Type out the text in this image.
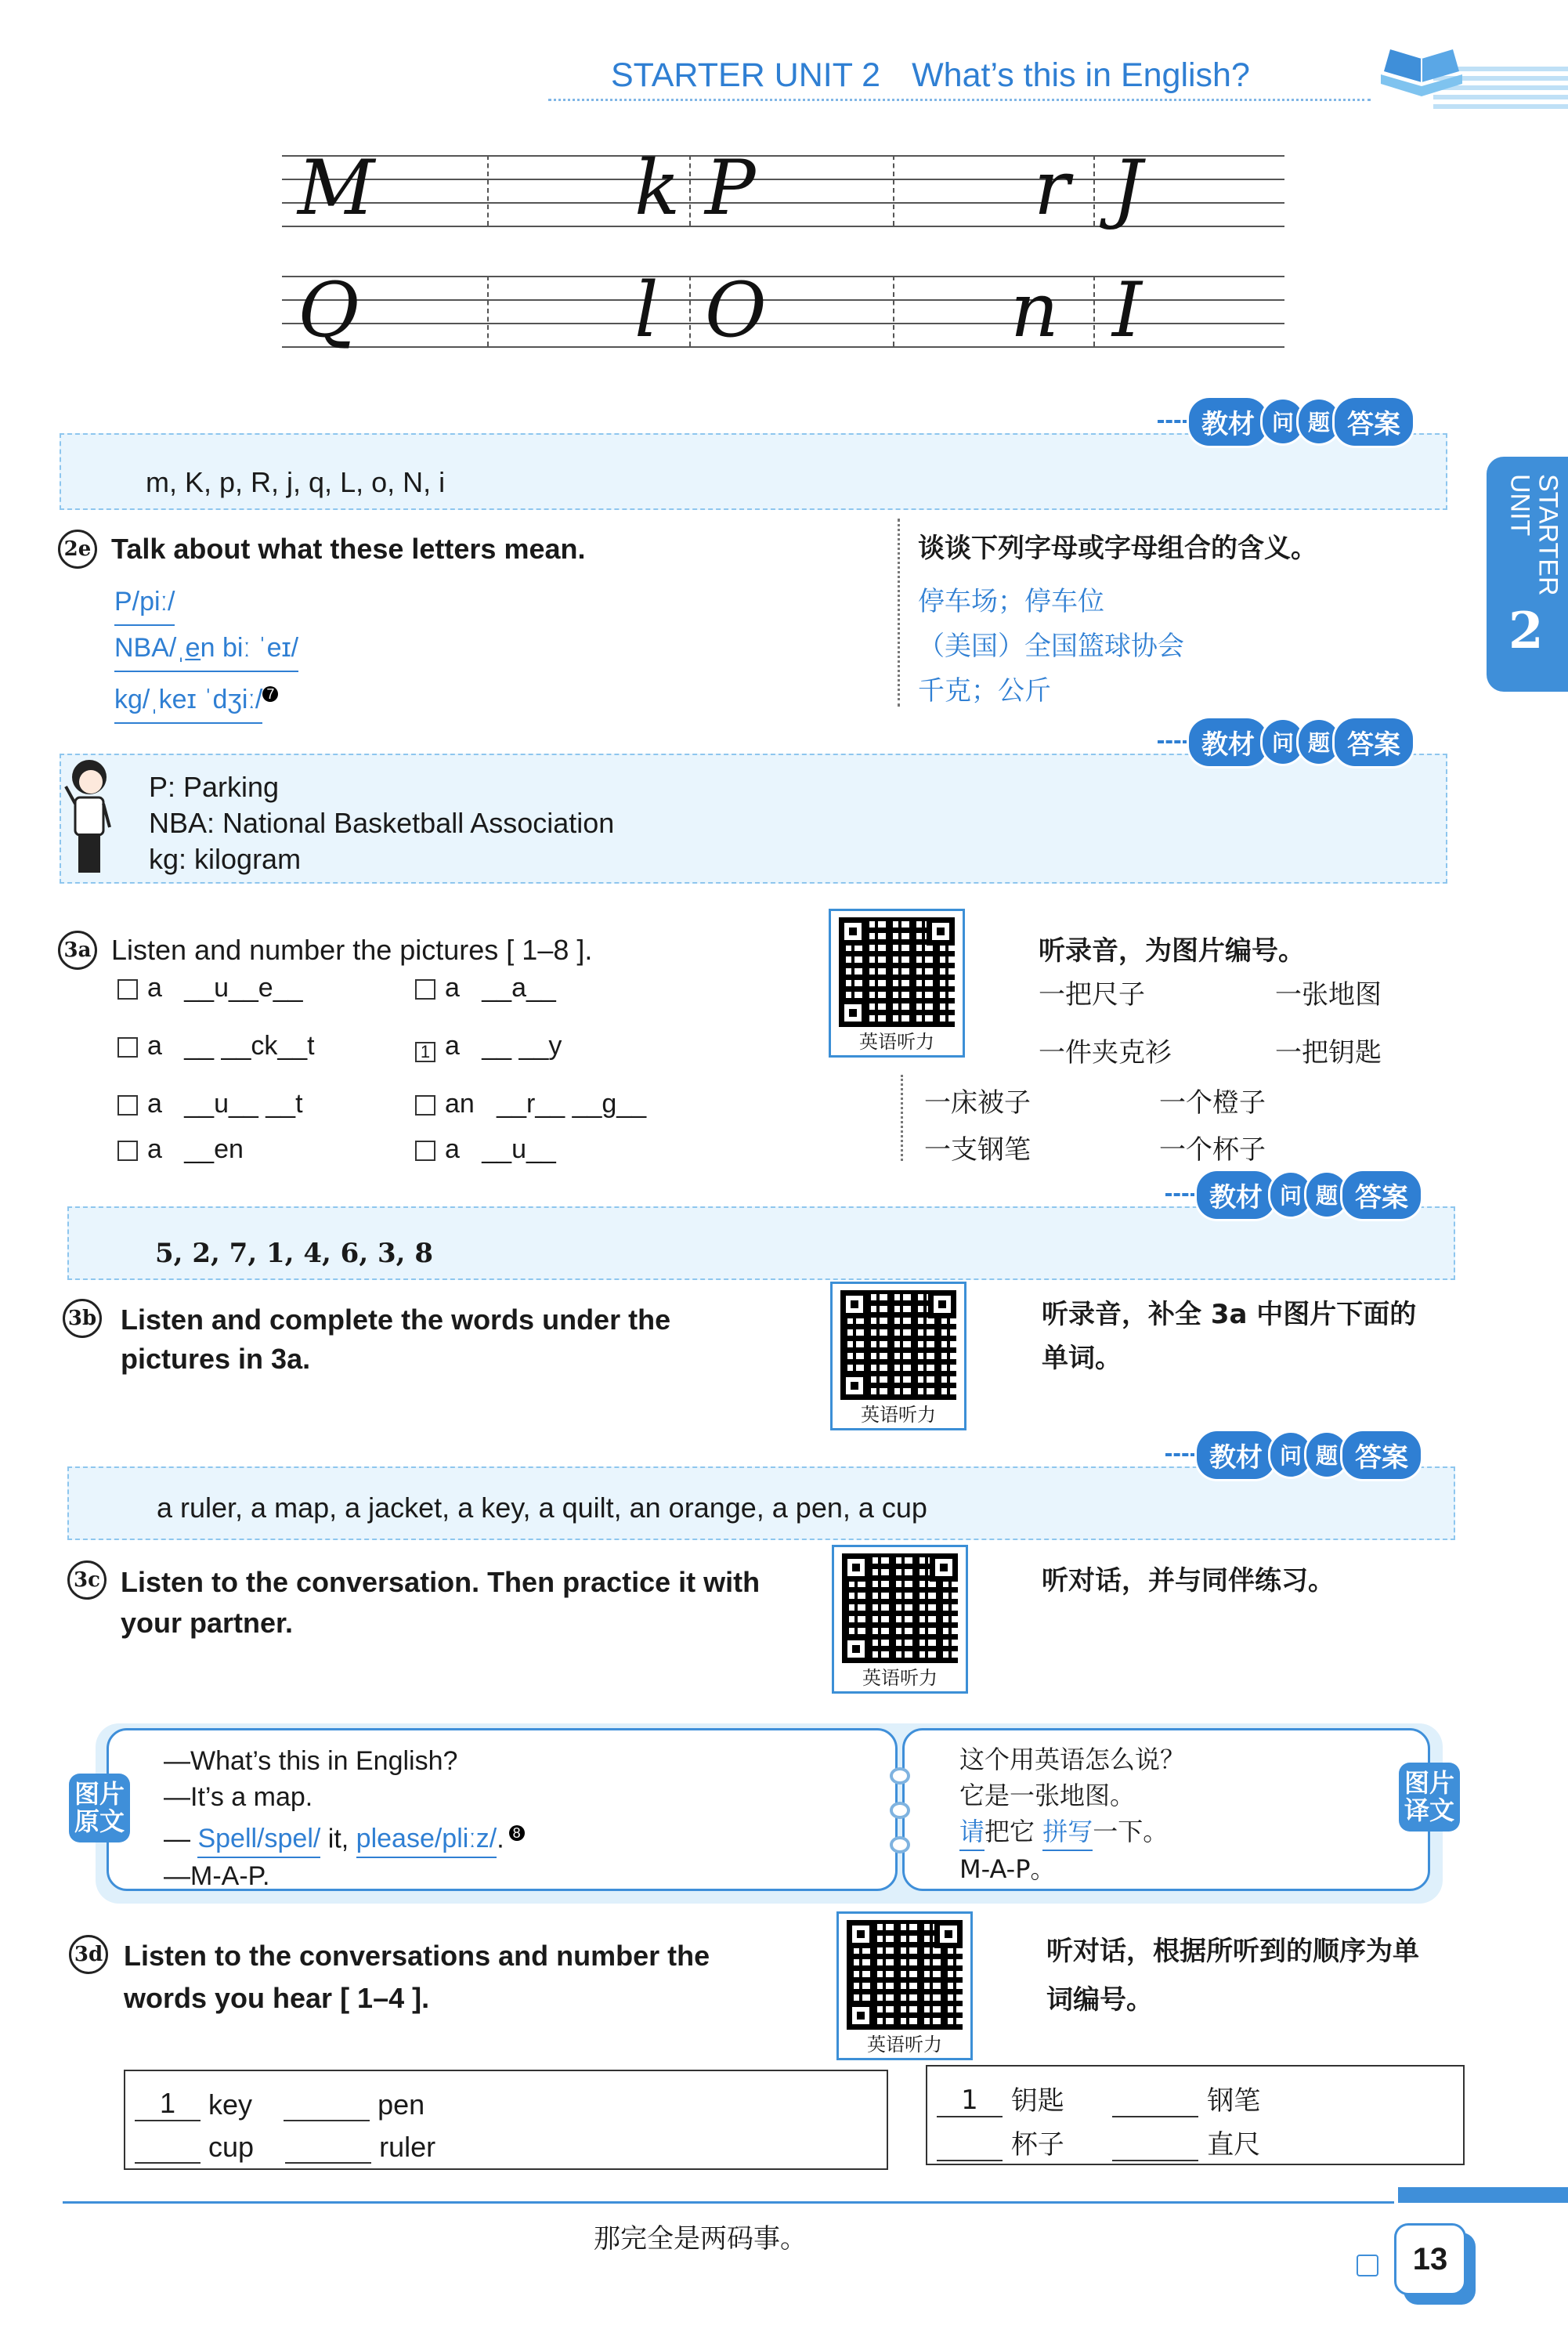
STARTER UNIT 2 What’s this in English?
STARTER
UNIT
2
M	k P	r J
Q	l O	n I
m, K, p, R, j, q, L, o, N, i
教材 问 题 答案
2e Talk about what these letters mean.
P/piː/
NBA/ˌe̲n biː ˈeɪ/
kg/ˌkeɪ ˈdʒiː/ $^7$
谈谈下列字母或字母组合的含义。
停车场；停车位
（美国）全国篮球协会
千克；公斤
P: Parking
NBA: National Basketball Association
kg: kilogram
教材 问 题 答案
3a Listen and number the pictures [ 1–8 ].
a __u__e__	a __a__
a __ __ck__t	1 a __ __y
a __u__ __t	an __r__ __g__
a __en	a __u__
英语听力
听录音，为图片编号。
一把尺子	一张地图
一件夹克衫	一把钥匙
一床被子	一个橙子
一支钢笔	一个杯子
5, 2, 7, 1, 4, 6, 3, 8
教材 问 题 答案
3b Listen and complete the words under the
pictures in 3a.
英语听力
听录音，补全 3a 中图片下面的
单词。
a ruler, a map, a jacket, a key, a quilt, an orange, a pen, a cup
教材 问 题 答案
3c Listen to the conversation. Then practice it with
your partner.
英语听力
听对话，并与同伴练习。
—What’s this in English?
—It’s a map.
— Spell/spel/ it, please/pliːz/. $^8$
—M-A-P.
这个用英语怎么说？
它是一张地图。
请把它 拼写一下。
M-A-P。
图片原文
图片译文
3d Listen to the conversations and number the
words you hear [ 1–4 ].
英语听力
听对话，根据所听到的顺序为单
词编号。
1 key	pen
cup	ruler
1 钥匙	钢笔
杯子	直尺
那完全是两码事。
13
